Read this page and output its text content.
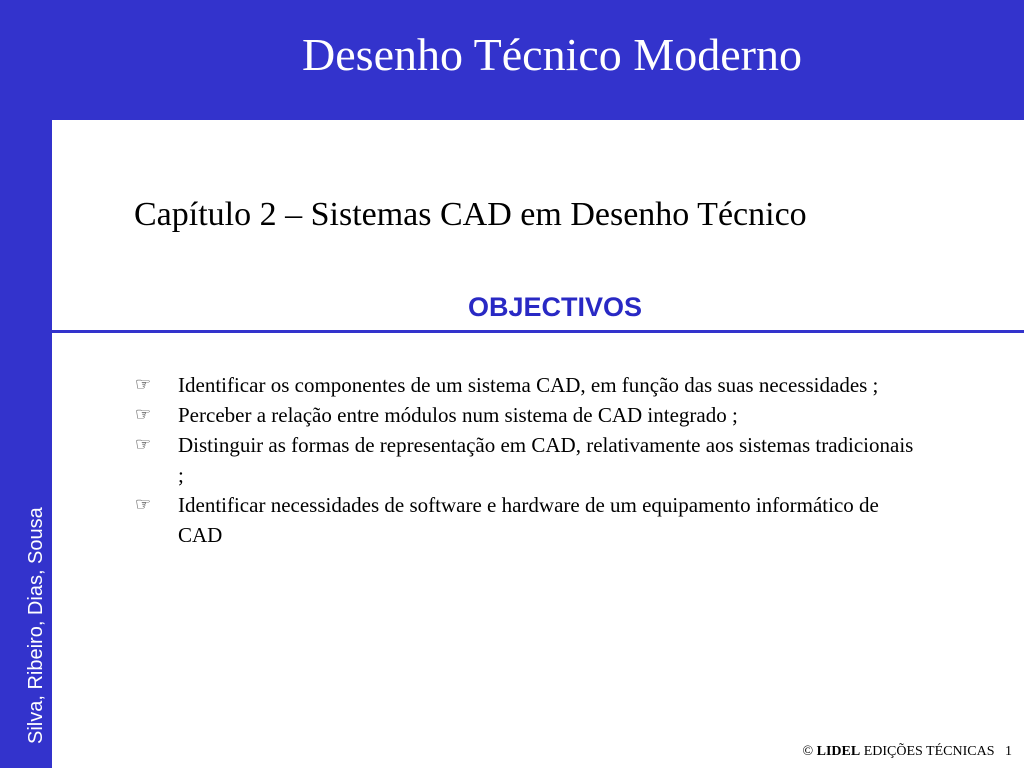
Desenho Técnico Moderno
Silva, Ribeiro, Dias, Sousa
Capítulo 2 – Sistemas CAD em Desenho Técnico
OBJECTIVOS
☞ Identificar os componentes de um sistema CAD, em função das suas necessidades ;
☞ Perceber a relação entre módulos num sistema de CAD integrado ;
☞ Distinguir as formas de representação em CAD, relativamente aos sistemas tradicionais ;
☞ Identificar necessidades de software e hardware de um equipamento informático de CAD
© LIDEL EDIÇÕES TÉCNICAS 1
